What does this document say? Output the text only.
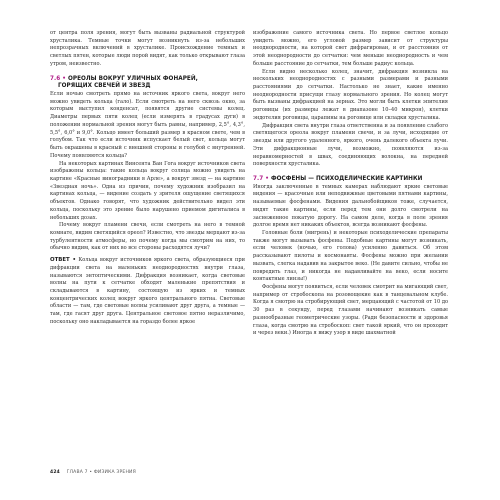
от центра поля зрения, могут быть вызваны радиальной структурой хрусталика. Темные точки могут возникнуть из-за небольших непрозрачных включений в хрусталике. Происхождение темных и светлых пятен, которые люди порой видят, как только открывают глаза утром, неизвестно.

7.6 • ОРЕОЛЫ ВОКРУГ УЛИЧНЫХ ФОНАРЕЙ,
ГОРЯЩИХ СВЕЧЕЙ И ЗВЕЗД

Если ночью смотреть прямо на источник яркого света, вокруг него можно увидеть кольца (гало). Если смотреть на него сквозь окно, за которым выступил конденсат, появятся другие системы колец. Диаметры первых пяти колец (если измерять в градусах дуги) в положении нормальной зрения могут быть равны, например, 2,5°, 4,3°, 5,5°, 6,0° и 9,0°. Кольцо имеет больший размер в красном свете, чем в голубом. Так что если источник испускает белый свет, кольца могут быть окрашены в красный с внешней стороны и голубой с внутренней. Почему появляются кольца?

На некоторых картинах Винсента Ван Гога вокруг источников света изображены кольца: такие кольца вокруг солнца можно увидеть на картине «Красные виноградники в Арле», а вокруг звезд — на картине «Звездная ночь». Одна из причин, почему художник изобразил на картинах кольца, — видение создать у зрителя ощущение светящихся объектов. Однако говорят, что художник действительно видел эти кольца, поскольку это зрение было нарушено приемом дигиталиса в небольших дозах.

Почему вокруг пламени свечи, если смотреть на него в темной комнате, видим светящийся ореол? Известно, что звезды мерцают из-за турбулентности атмосферы, но почему когда мы смотрим на них, то обычно видим, как от них во все стороны расходятся лучи?

ОТВЕТ • Кольца вокруг источников яркого света, образующиеся при дифракции света на маленьких неоднородностях внутри глаза, называются энтоптическими. Дифракция возникает, когда световые волны на пути к сетчатке обходят маленькие препятствия и складываются в картину, состоящую из ярких и темных концентрических колец вокруг яркого центрального пятна. Световые области — там, где световые волны усиливают друг друга, а темные — там, где гасят друг друга. Центральное световое пятно неразличимо, поскольку оно накладывается на гораздо более яркое

изображение самого источника света. Но первое светлое кольцо увидеть можно, его угловой размер зависит от структуры неоднородности, на которой свет дифрагирован, и от расстояния от этой неоднородности до сетчатки: чем меньше неоднородность и чем больше расстояние до сетчатки, тем больше радиус кольца.

Если видно несколько колец, значит, дифракция возникла на нескольких неоднородностях с разными размерами и разными расстояниями до сетчатки. Настолько не знает, какие именно неоднородности присущи глазу нормального зрения. Но колец могут быть вызваны дифракцией на зернах. Это могли быть клетки эпителия роговицы (их размеры лежат в диапазоне 10–40 микрон), клетки эндотелия роговицы, царапины на роговице или складки хрусталика.

Дифракция света внутри глаза ответственна и за появление слабого светящегося ореола вокруг пламени свечи, и за лучи, исходящие от звезды или другого удаленного, яркого, очень далекого объекта лучи. Эти дифракционные лучи, возможно, появляются из-за неравномерностей в швах, соединяющих волокна, на передней поверхности хрусталика.

7.7 • ФОСФЕНЫ — ПСИХОДЕЛИЧЕСКИЕ КАРТИНКИ

Иногда заключенные в темных камерах наблюдают яркие световые видения — красочные или неподвижные цветовыми пятнами картины, называемые фосфенами. Видения дальнобойщиков тоже, случается, видят такие картины, если перед тем они долго смотрели на заснеженное покатую дорогу. На самом деле, когда в поле зрения долгое время нет никаких объектов, всегда возникают фосфены.

Головные боли (мигрень) и некоторые психоделические препараты также могут вызывать фосфены. Подобные картины могут возникать, если человек (ночью, его голова) усиленно давиться. Об этом рассказывают пилоты и космонавты. Фосфены можно при желании вызвать, слегка надавив на закрытое веко. (Не давите сильно, чтобы не повредить глаз, и никогда не надавливайте на веко, если носите контактные линзы!)

Фосфены могут появиться, если человек смотрит на мигающий свет, например от стробоскопа на розовощекие как в танцевальном клубе. Когда я смотрю на стробирующий свет, мерцающий с частотой от 10 до 30 раз в секунду, перед глазами начинают возникать самые разнообразные геометрические узоры. (Ради безопасности и здоровья глаза, когда смотрю на стробоскоп: свет такой яркий, что он проходит и через веки.) Иногда я вижу узор в виде шахматной

424 ГЛАВА 7 • ФИЗИКА ЗРЕНИЯ
